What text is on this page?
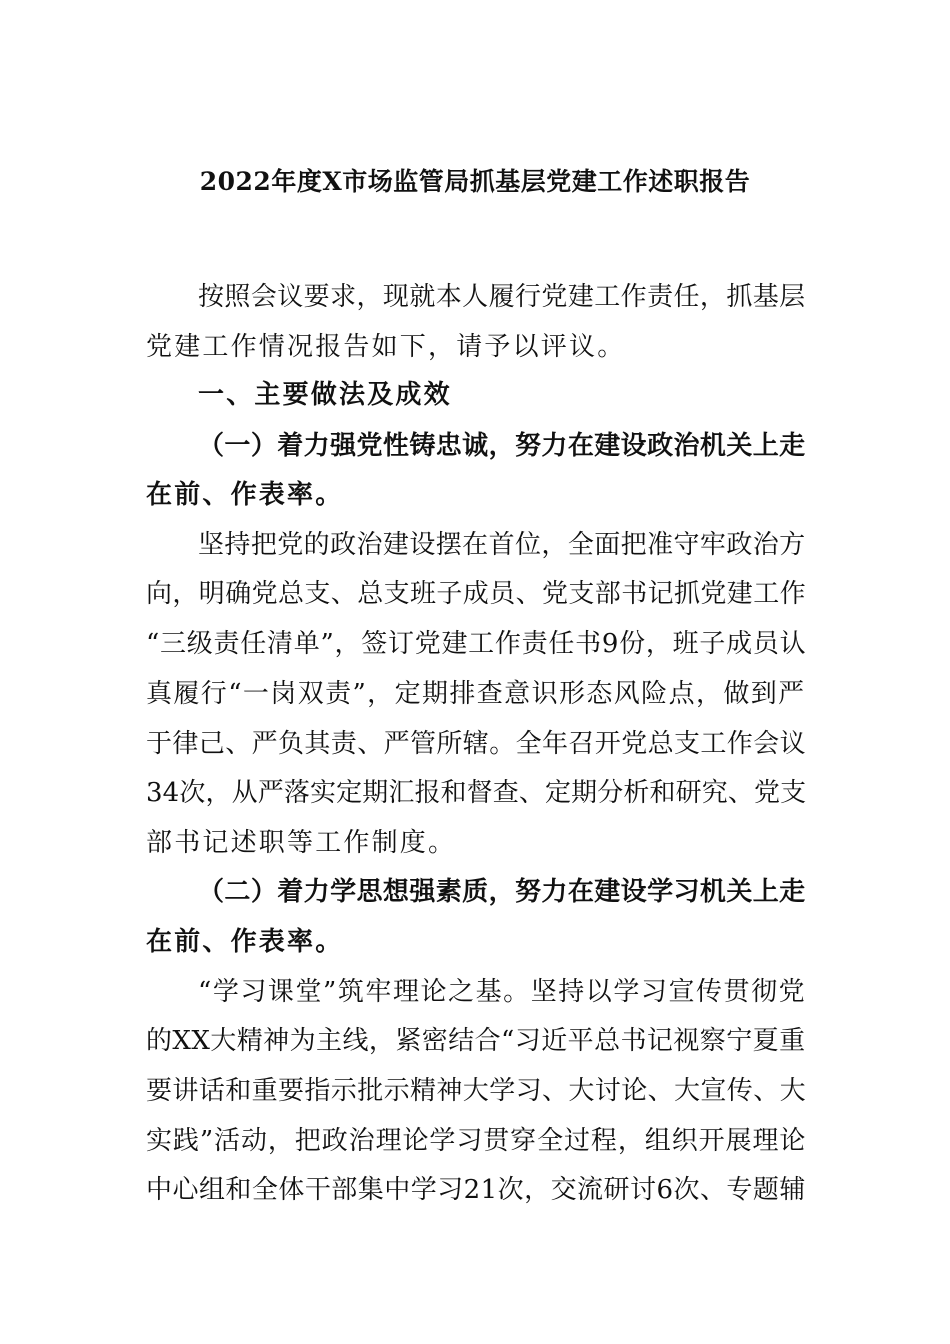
2022年度X市场监管局抓基层党建工作述职报告
按照会议要求，现就本人履行党建工作责任，抓基层
党建工作情况报告如下，请予以评议。
一、主要做法及成效
（一）着力强党性铸忠诚，努力在建设政治机关上走
在前、作表率。
坚持把党的政治建设摆在首位，全面把准守牢政治方
向，明确党总支、总支班子成员、党支部书记抓党建工作
“三级责任清单”，签订党建工作责任书9份，班子成员认
真履行“一岗双责”，定期排查意识形态风险点，做到严
于律己、严负其责、严管所辖。全年召开党总支工作会议
34次，从严落实定期汇报和督查、定期分析和研究、党支
部书记述职等工作制度。
（二）着力学思想强素质，努力在建设学习机关上走
在前、作表率。
“学习课堂”筑牢理论之基。坚持以学习宣传贯彻党
的XX大精神为主线，紧密结合“习近平总书记视察宁夏重
要讲话和重要指示批示精神大学习、大讨论、大宣传、大
实践”活动，把政治理论学习贯穿全过程，组织开展理论
中心组和全体干部集中学习21次，交流研讨6次、专题辅
